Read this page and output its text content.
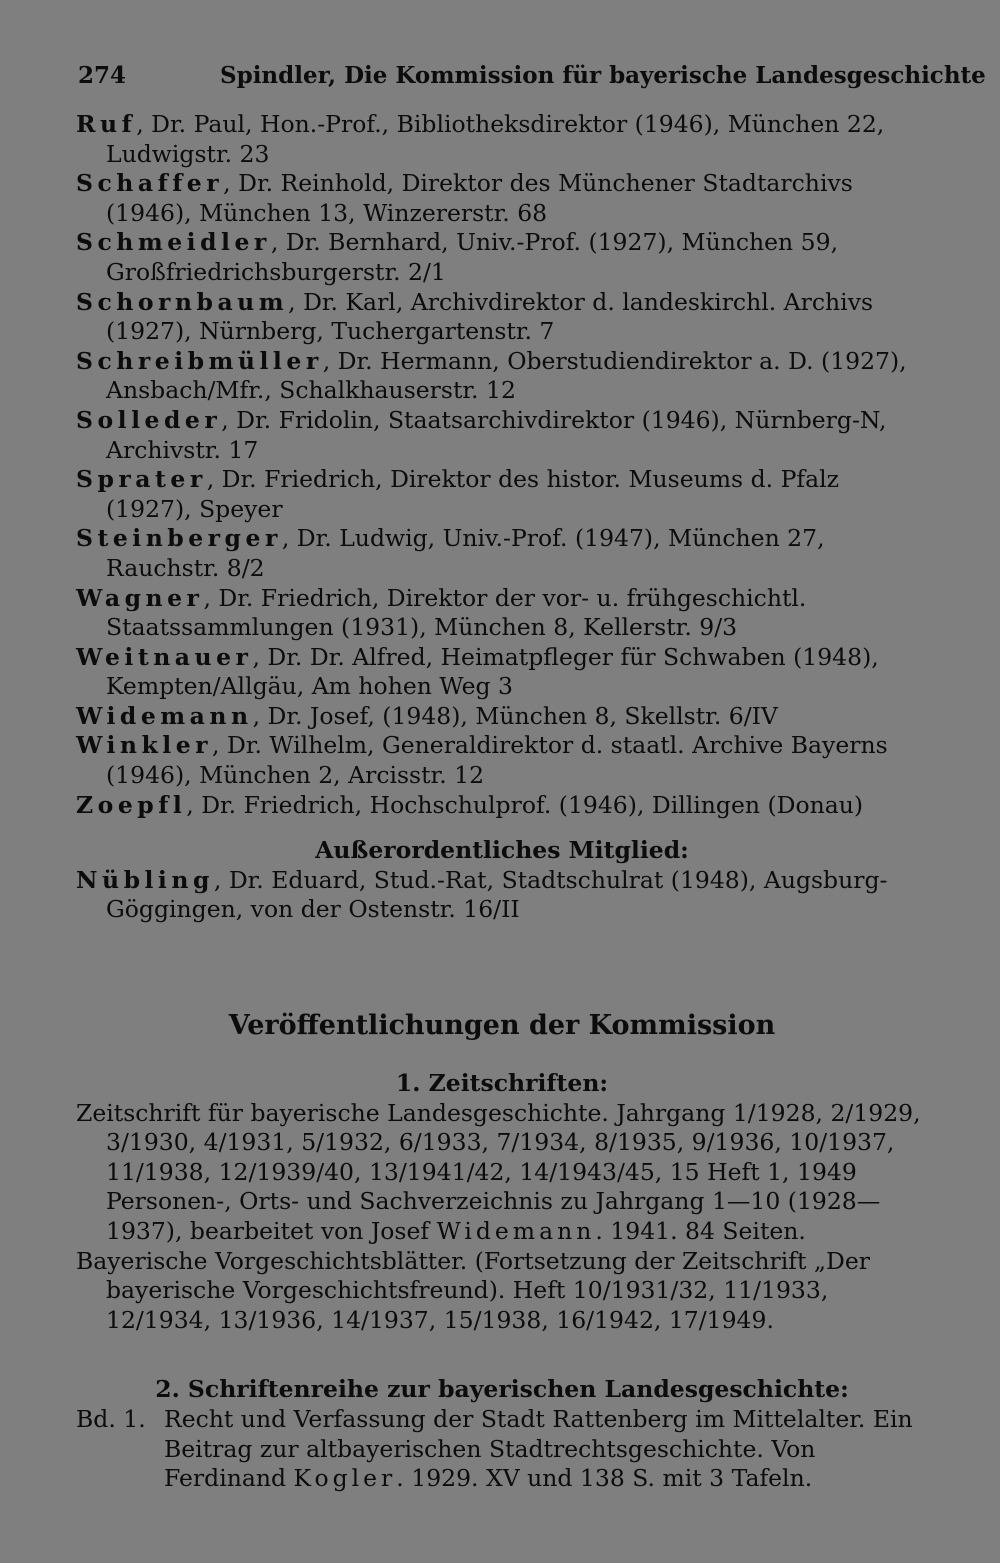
274	Spindler, Die Kommission für bayerische Landesgeschichte
Ruf, Dr. Paul, Hon.-Prof., Bibliotheksdirektor (1946), München 22, Ludwigstr. 23
Schaffer, Dr. Reinhold, Direktor des Münchener Stadtarchivs (1946), München 13, Winzererstr. 68
Schmeidler, Dr. Bernhard, Univ.-Prof. (1927), München 59, Großfriedrichsburgerstr. 2/1
Schornbaum, Dr. Karl, Archivdirektor d. landeskirchl. Archivs (1927), Nürnberg, Tuchergartenstr. 7
Schreibmüller, Dr. Hermann, Oberstudiendirektor a. D. (1927), Ansbach/Mfr., Schalkhauserstr. 12
Solleder, Dr. Fridolin, Staatsarchivdirektor (1946), Nürnberg-N, Archivstr. 17
Sprater, Dr. Friedrich, Direktor des histor. Museums d. Pfalz (1927), Speyer
Steinberger, Dr. Ludwig, Univ.-Prof. (1947), München 27, Rauchstr. 8/2
Wagner, Dr. Friedrich, Direktor der vor- u. frühgeschichtl. Staatssammlungen (1931), München 8, Kellerstr. 9/3
Weitnauer, Dr. Dr. Alfred, Heimatpfleger für Schwaben (1948), Kempten/Allgäu, Am hohen Weg 3
Widemann, Dr. Josef, (1948), München 8, Skellstr. 6/IV
Winkler, Dr. Wilhelm, Generaldirektor d. staatl. Archive Bayerns (1946), München 2, Arcisstr. 12
Zoepfl, Dr. Friedrich, Hochschulprof. (1946), Dillingen (Donau)
Außerordentliches Mitglied:
Nübling, Dr. Eduard, Stud.-Rat, Stadtschulrat (1948), Augsburg-Göggingen, von der Ostenstr. 16/II
Veröffentlichungen der Kommission
1. Zeitschriften:
Zeitschrift für bayerische Landesgeschichte. Jahrgang 1/1928, 2/1929, 3/1930, 4/1931, 5/1932, 6/1933, 7/1934, 8/1935, 9/1936, 10/1937, 11/1938, 12/1939/40, 13/1941/42, 14/1943/45, 15 Heft 1, 1949
Personen-, Orts- und Sachverzeichnis zu Jahrgang 1—10 (1928—1937), bearbeitet von Josef Widemann. 1941. 84 Seiten.
Bayerische Vorgeschichtsblätter. (Fortsetzung der Zeitschrift „Der bayerische Vorgeschichtsfreund). Heft 10/1931/32, 11/1933, 12/1934, 13/1936, 14/1937, 15/1938, 16/1942, 17/1949.
2. Schriftenreihe zur bayerischen Landesgeschichte:
Bd. 1. Recht und Verfassung der Stadt Rattenberg im Mittelalter. Ein Beitrag zur altbayerischen Stadtrechtsgeschichte. Von Ferdinand Kogler. 1929. XV und 138 S. mit 3 Tafeln.
